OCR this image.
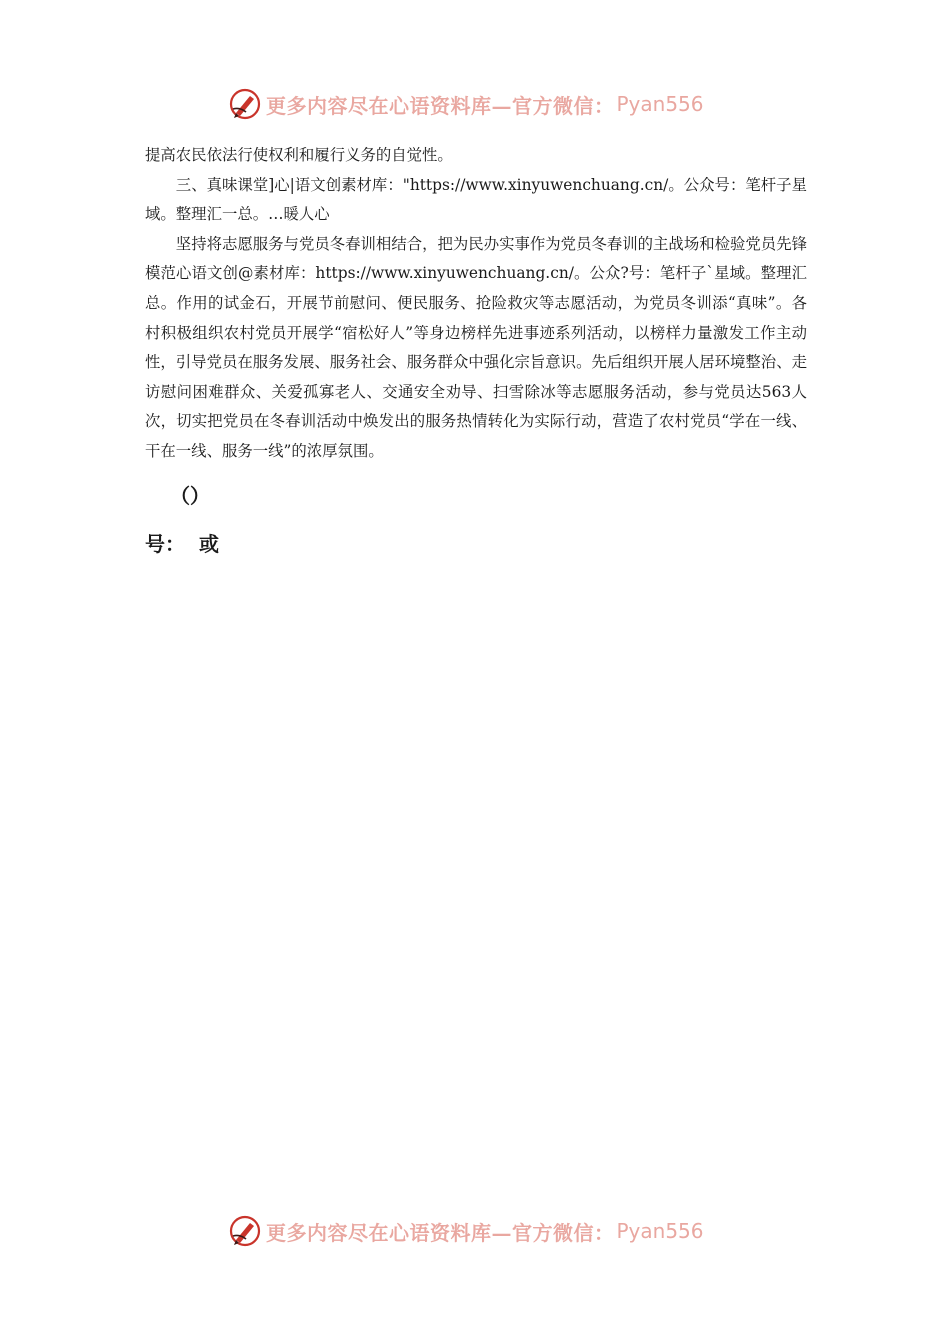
更多内容尽在心语资料库—官方微信： Pyan556

提高农民依法行使权利和履行义务的自觉性。

三、真味课堂]心|语文创素材库："https://www.xinyuwenchuang.cn/。公众号：笔杆子星域。整理汇一总。…暖人心

坚持将志愿服务与党员冬春训相结合，把为民办实事作为党员冬春训的主战场和检验党员先锋模范心语文创@素材库：https://www.xinyuwenchuang.cn/。公众?号：笔杆子`星域。整理汇总。作用的试金石，开展节前慰问、便民服务、抢险救灾等志愿活动，为党员冬训添“真味”。各村积极组织农村党员开展学“宿松好人”等身边榜样先进事迹系列活动，以榜样力量激发工作主动性，引导党员在服务发展、服务社会、服务群众中强化宗旨意识。先后组织开展人居环境整治、走访慰问困难群众、关爱孤寡老人、交通安全劝导、扫雪除冰等志愿服务活动，参与党员达563人次，切实把党员在冬春训活动中焕发出的服务热情转化为实际行动，营造了农村党员“学在一线、干在一线、服务一线”的浓厚氛围。

（）
号： 或
更多内容尽在心语资料库—官方微信： Pyan556
